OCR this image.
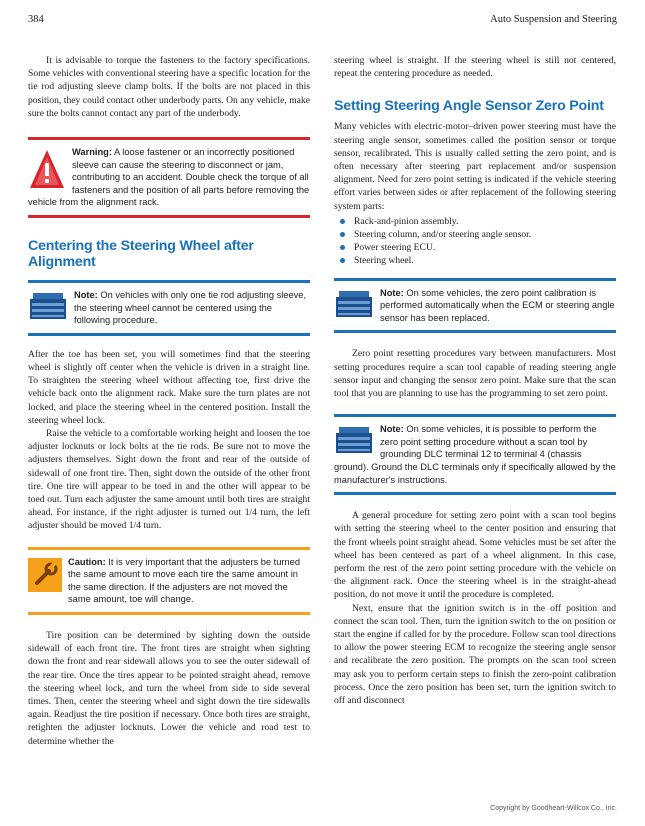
384	Auto Suspension and Steering

It is advisable to torque the fasteners to the factory specifications. Some vehicles with conventional steering have a specific location for the tie rod adjusting sleeve clamp bolts. If the bolts are not placed in this position, they could contact other underbody parts. On any vehicle, make sure the bolts cannot contact any part of the underbody.

Warning: A loose fastener or an incorrectly positioned sleeve can cause the steering to disconnect or jam, contributing to an accident. Double check the torque of all fasteners and the position of all parts before removing the vehicle from the alignment rack.
Centering the Steering Wheel after Alignment
Note: On vehicles with only one tie rod adjusting sleeve, the steering wheel cannot be centered using the following procedure.

After the toe has been set, you will sometimes find that the steering wheel is slightly off center when the vehicle is driven in a straight line. To straighten the steering wheel without affecting toe, first drive the vehicle back onto the alignment rack. Make sure the turn plates are not locked, and place the steering wheel in the centered position. Install the steering wheel lock.

Raise the vehicle to a comfortable working height and loosen the toe adjuster locknuts or lock bolts at the tie rods. Be sure not to move the adjusters themselves. Sight down the front and rear of the outside of sidewall of one front tire. Then, sight down the outside of the other front tire. One tire will appear to be toed in and the other will appear to be toed out. Turn each adjuster the same amount until both tires are straight ahead. For instance, if the right adjuster is turned out 1/4 turn, the left adjuster should be moved 1/4 turn.

Caution: It is very important that the adjusters be turned the same amount to move each tire the same amount in the same direction. If the adjusters are not moved the same amount, toe will change.

Tire position can be determined by sighting down the outside sidewall of each front tire. The front tires are straight when sighting down the front and rear sidewall allows you to see the outer sidewall of the rear tire. Once the tires appear to be pointed straight ahead, remove the steering wheel lock, and turn the wheel from side to side several times. Then, center the steering wheel and sight down the tire sidewalls again. Readjust the tire position if necessary. Once both tires are straight, retighten the adjuster locknuts. Lower the vehicle and road test to determine whether the

steering wheel is straight. If the steering wheel is still not centered, repeat the centering procedure as needed.

Setting Steering Angle Sensor Zero Point

Many vehicles with electric-motor–driven power steering must have the steering angle sensor, sometimes called the position sensor or torque sensor, recalibrated. This is usually called setting the zero point, and is often necessary after steering part replacement and/or suspension alignment. Need for zero point setting is indicated if the vehicle steering effort varies between sides or after replacement of the following steering system parts:

Rack-and-pinion assembly.
Steering column, and/or steering angle sensor.
Power steering ECU.
Steering wheel.
Note: On some vehicles, the zero point calibration is performed automatically when the ECM or steering angle sensor has been replaced.

Zero point resetting procedures vary between manufacturers. Most setting procedures require a scan tool capable of reading steering angle sensor input and changing the sensor zero point. Make sure that the scan tool that you are planning to use has the programming to set zero point.

Note: On some vehicles, it is possible to perform the zero point setting procedure without a scan tool by grounding DLC terminal 12 to terminal 4 (chassis ground). Ground the DLC terminals only if specifically allowed by the manufacturer's instructions.

A general procedure for setting zero point with a scan tool begins with setting the steering wheel to the center position and ensuring that the front wheels point straight ahead. Some vehicles must be set after the wheel has been centered as part of a wheel alignment. In this case, perform the rest of the zero point setting procedure with the vehicle on the alignment rack. Once the steering wheel is in the straight-ahead position, do not move it until the procedure is completed.

Next, ensure that the ignition switch is in the off position and connect the scan tool. Then, turn the ignition switch to the on position or start the engine if called for by the procedure. Follow scan tool directions to allow the power steering ECM to recognize the steering angle sensor and recalibrate the zero position. The prompts on the scan tool screen may ask you to perform certain steps to finish the zero-point calibration process. Once the zero position has been set, turn the ignition switch to off and disconnect

Copyright by Goodheart-Willcox Co., Inc.
